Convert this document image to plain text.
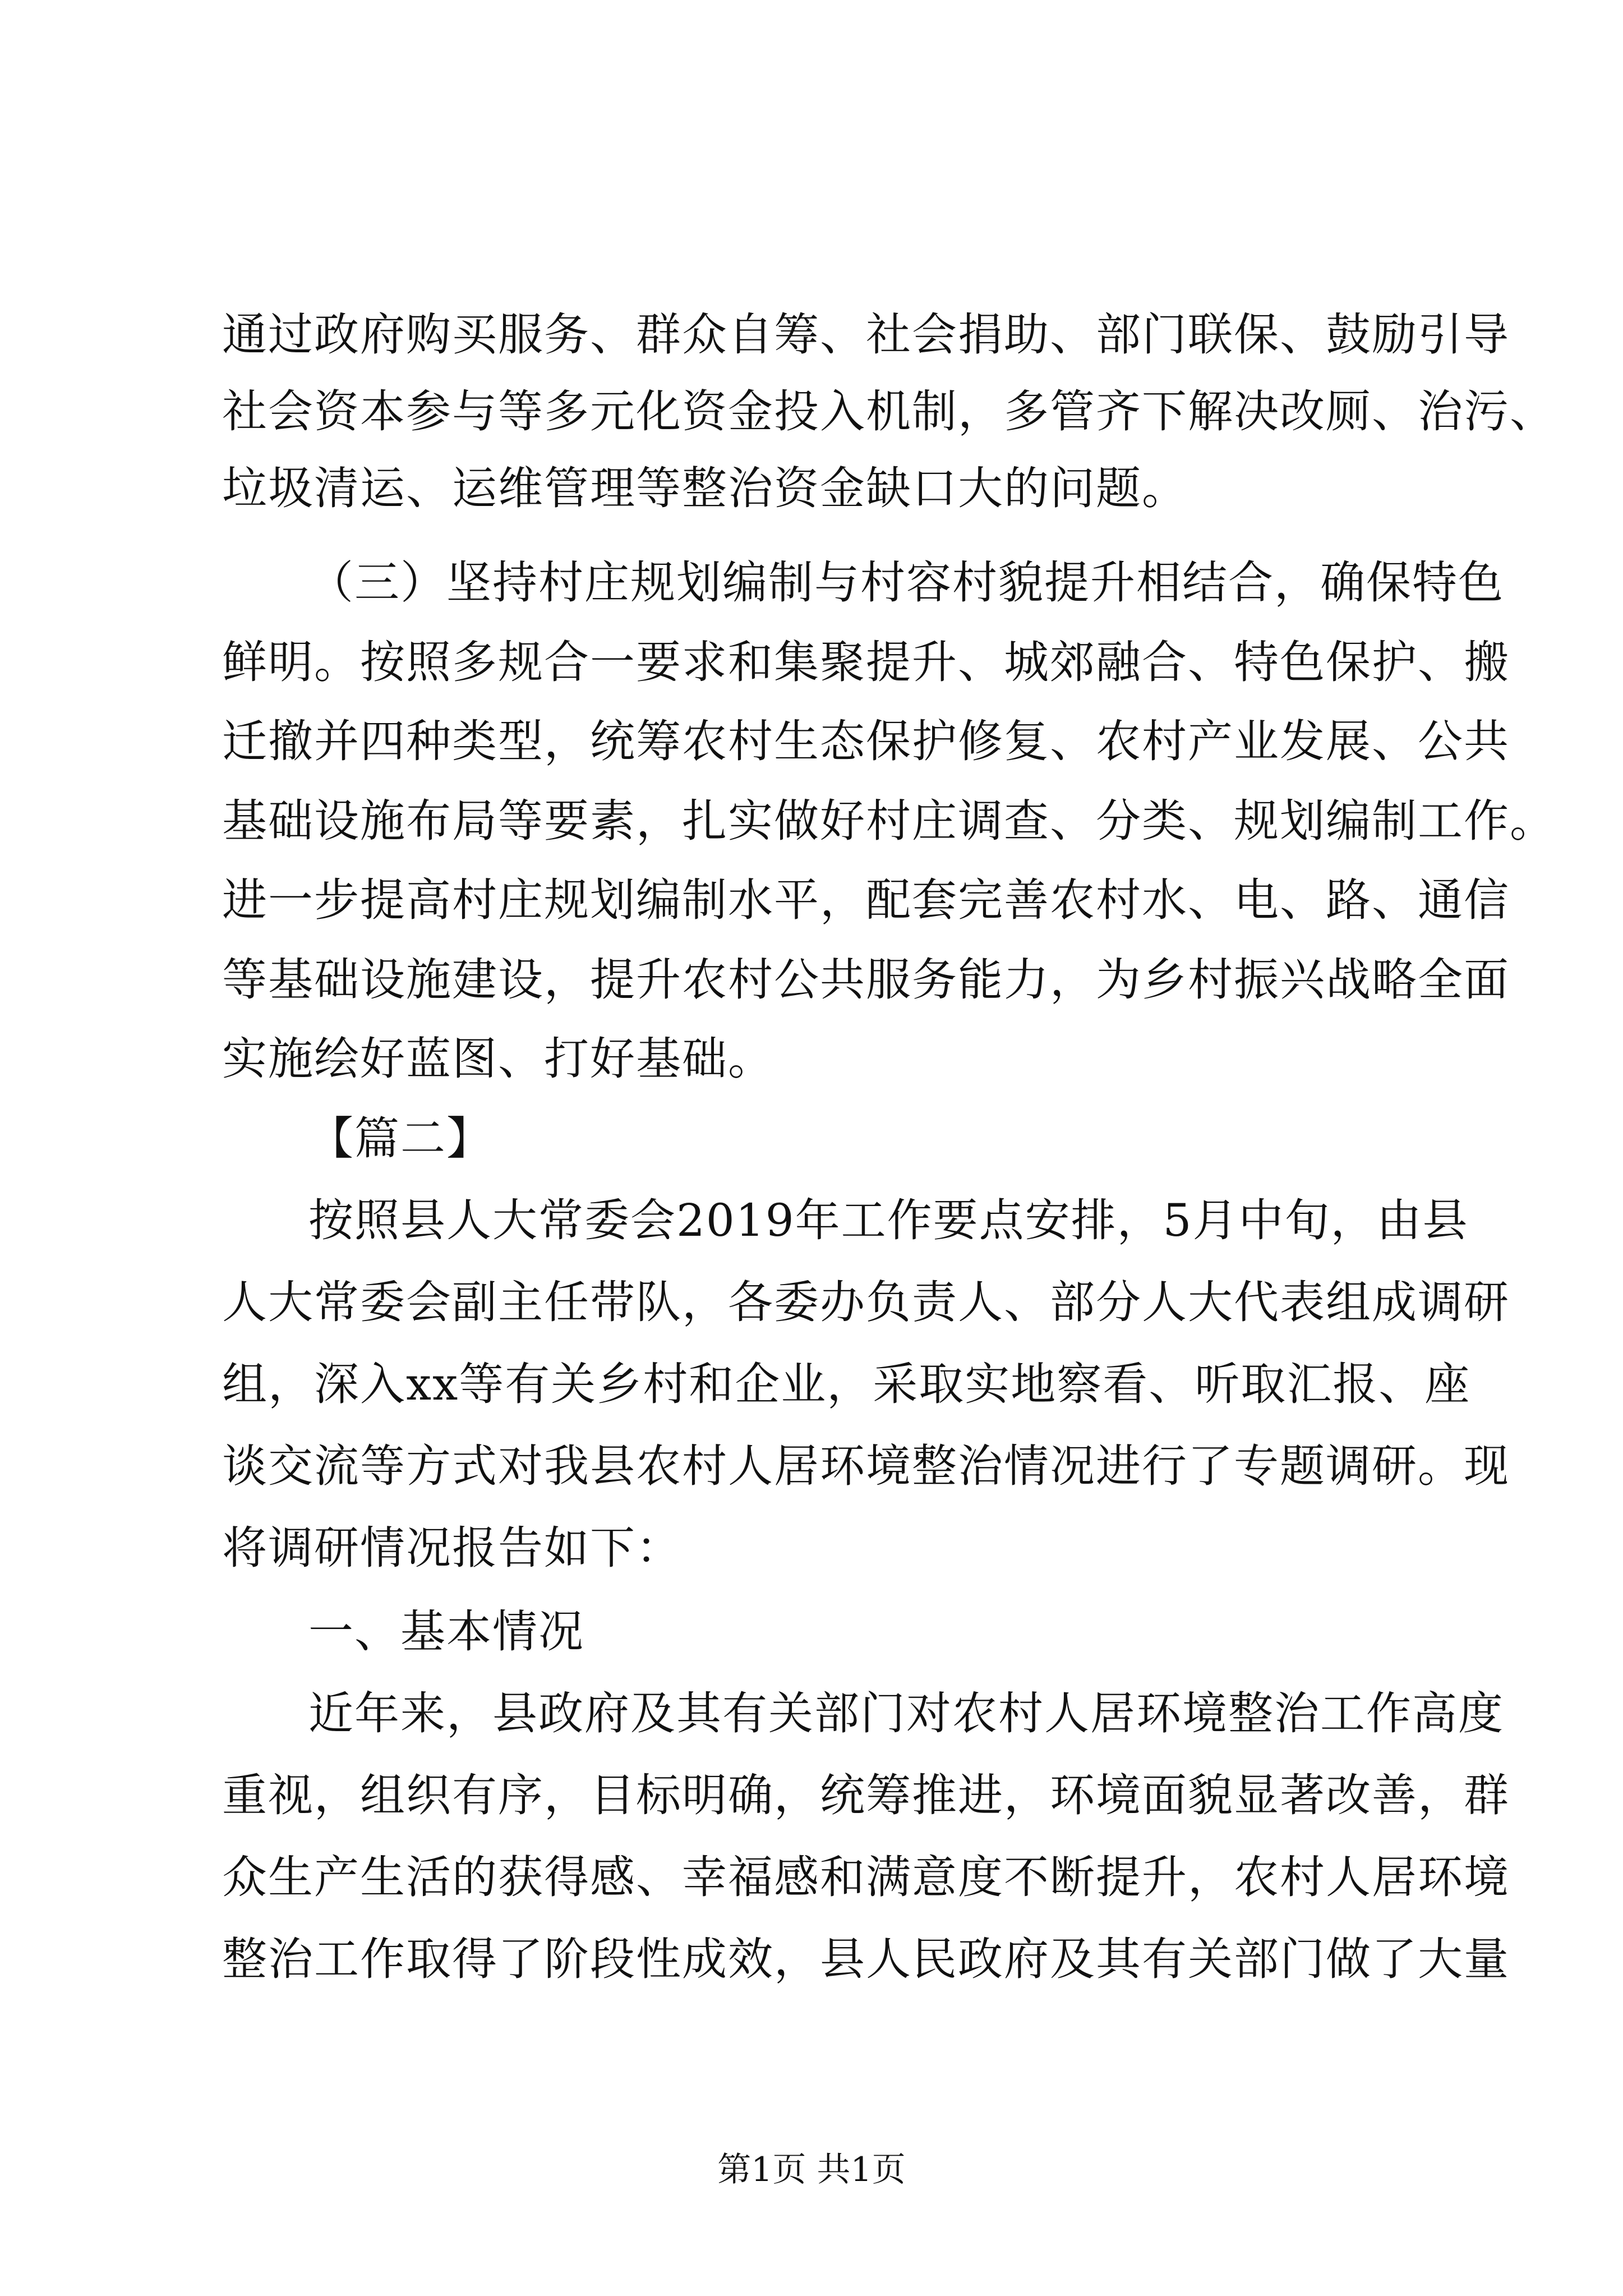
通过政府购买服务、群众自筹、社会捐助、部门联保、鼓励引导
社会资本参与等多元化资金投入机制，多管齐下解决改厕、治污、
垃圾清运、运维管理等整治资金缺口大的问题。
（三）坚持村庄规划编制与村容村貌提升相结合，确保特色
鲜明。按照多规合一要求和集聚提升、城郊融合、特色保护、搬
迁撤并四种类型，统筹农村生态保护修复、农村产业发展、公共
基础设施布局等要素，扎实做好村庄调查、分类、规划编制工作。
进一步提高村庄规划编制水平，配套完善农村水、电、路、通信
等基础设施建设，提升农村公共服务能力，为乡村振兴战略全面
实施绘好蓝图、打好基础。
【篇二】
按照县人大常委会2019年工作要点安排，5月中旬，由县
人大常委会副主任带队，各委办负责人、部分人大代表组成调研
组，深入xx等有关乡村和企业，采取实地察看、听取汇报、座
谈交流等方式对我县农村人居环境整治情况进行了专题调研。现
将调研情况报告如下：
一、基本情况
近年来，县政府及其有关部门对农村人居环境整治工作高度
重视，组织有序，目标明确，统筹推进，环境面貌显著改善，群
众生产生活的获得感、幸福感和满意度不断提升，农村人居环境
整治工作取得了阶段性成效，县人民政府及其有关部门做了大量
第1页 共1页
